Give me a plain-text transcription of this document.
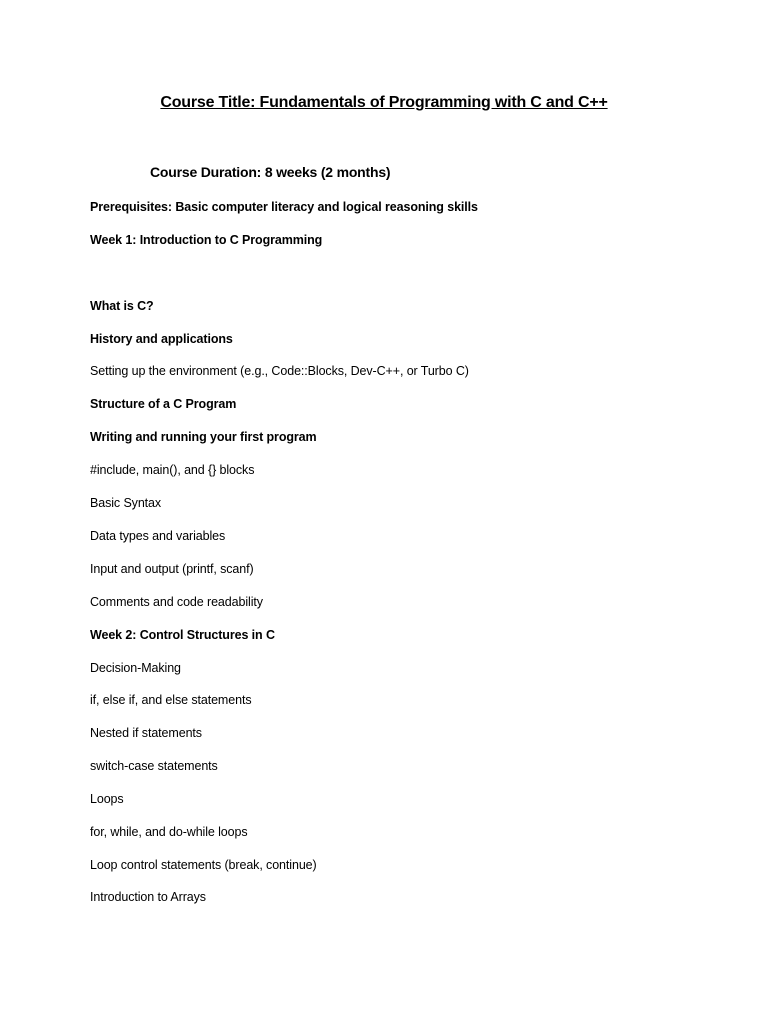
Course Title: Fundamentals of Programming with C and C++
Course Duration: 8 weeks (2 months)
Prerequisites: Basic computer literacy and logical reasoning skills
Week 1: Introduction to C Programming
What is C?
History and applications
Setting up the environment (e.g., Code::Blocks, Dev-C++, or Turbo C)
Structure of a C Program
Writing and running your first program
#include, main(), and {} blocks
Basic Syntax
Data types and variables
Input and output (printf, scanf)
Comments and code readability
Week 2: Control Structures in C
Decision-Making
if, else if, and else statements
Nested if statements
switch-case statements
Loops
for, while, and do-while loops
Loop control statements (break, continue)
Introduction to Arrays
